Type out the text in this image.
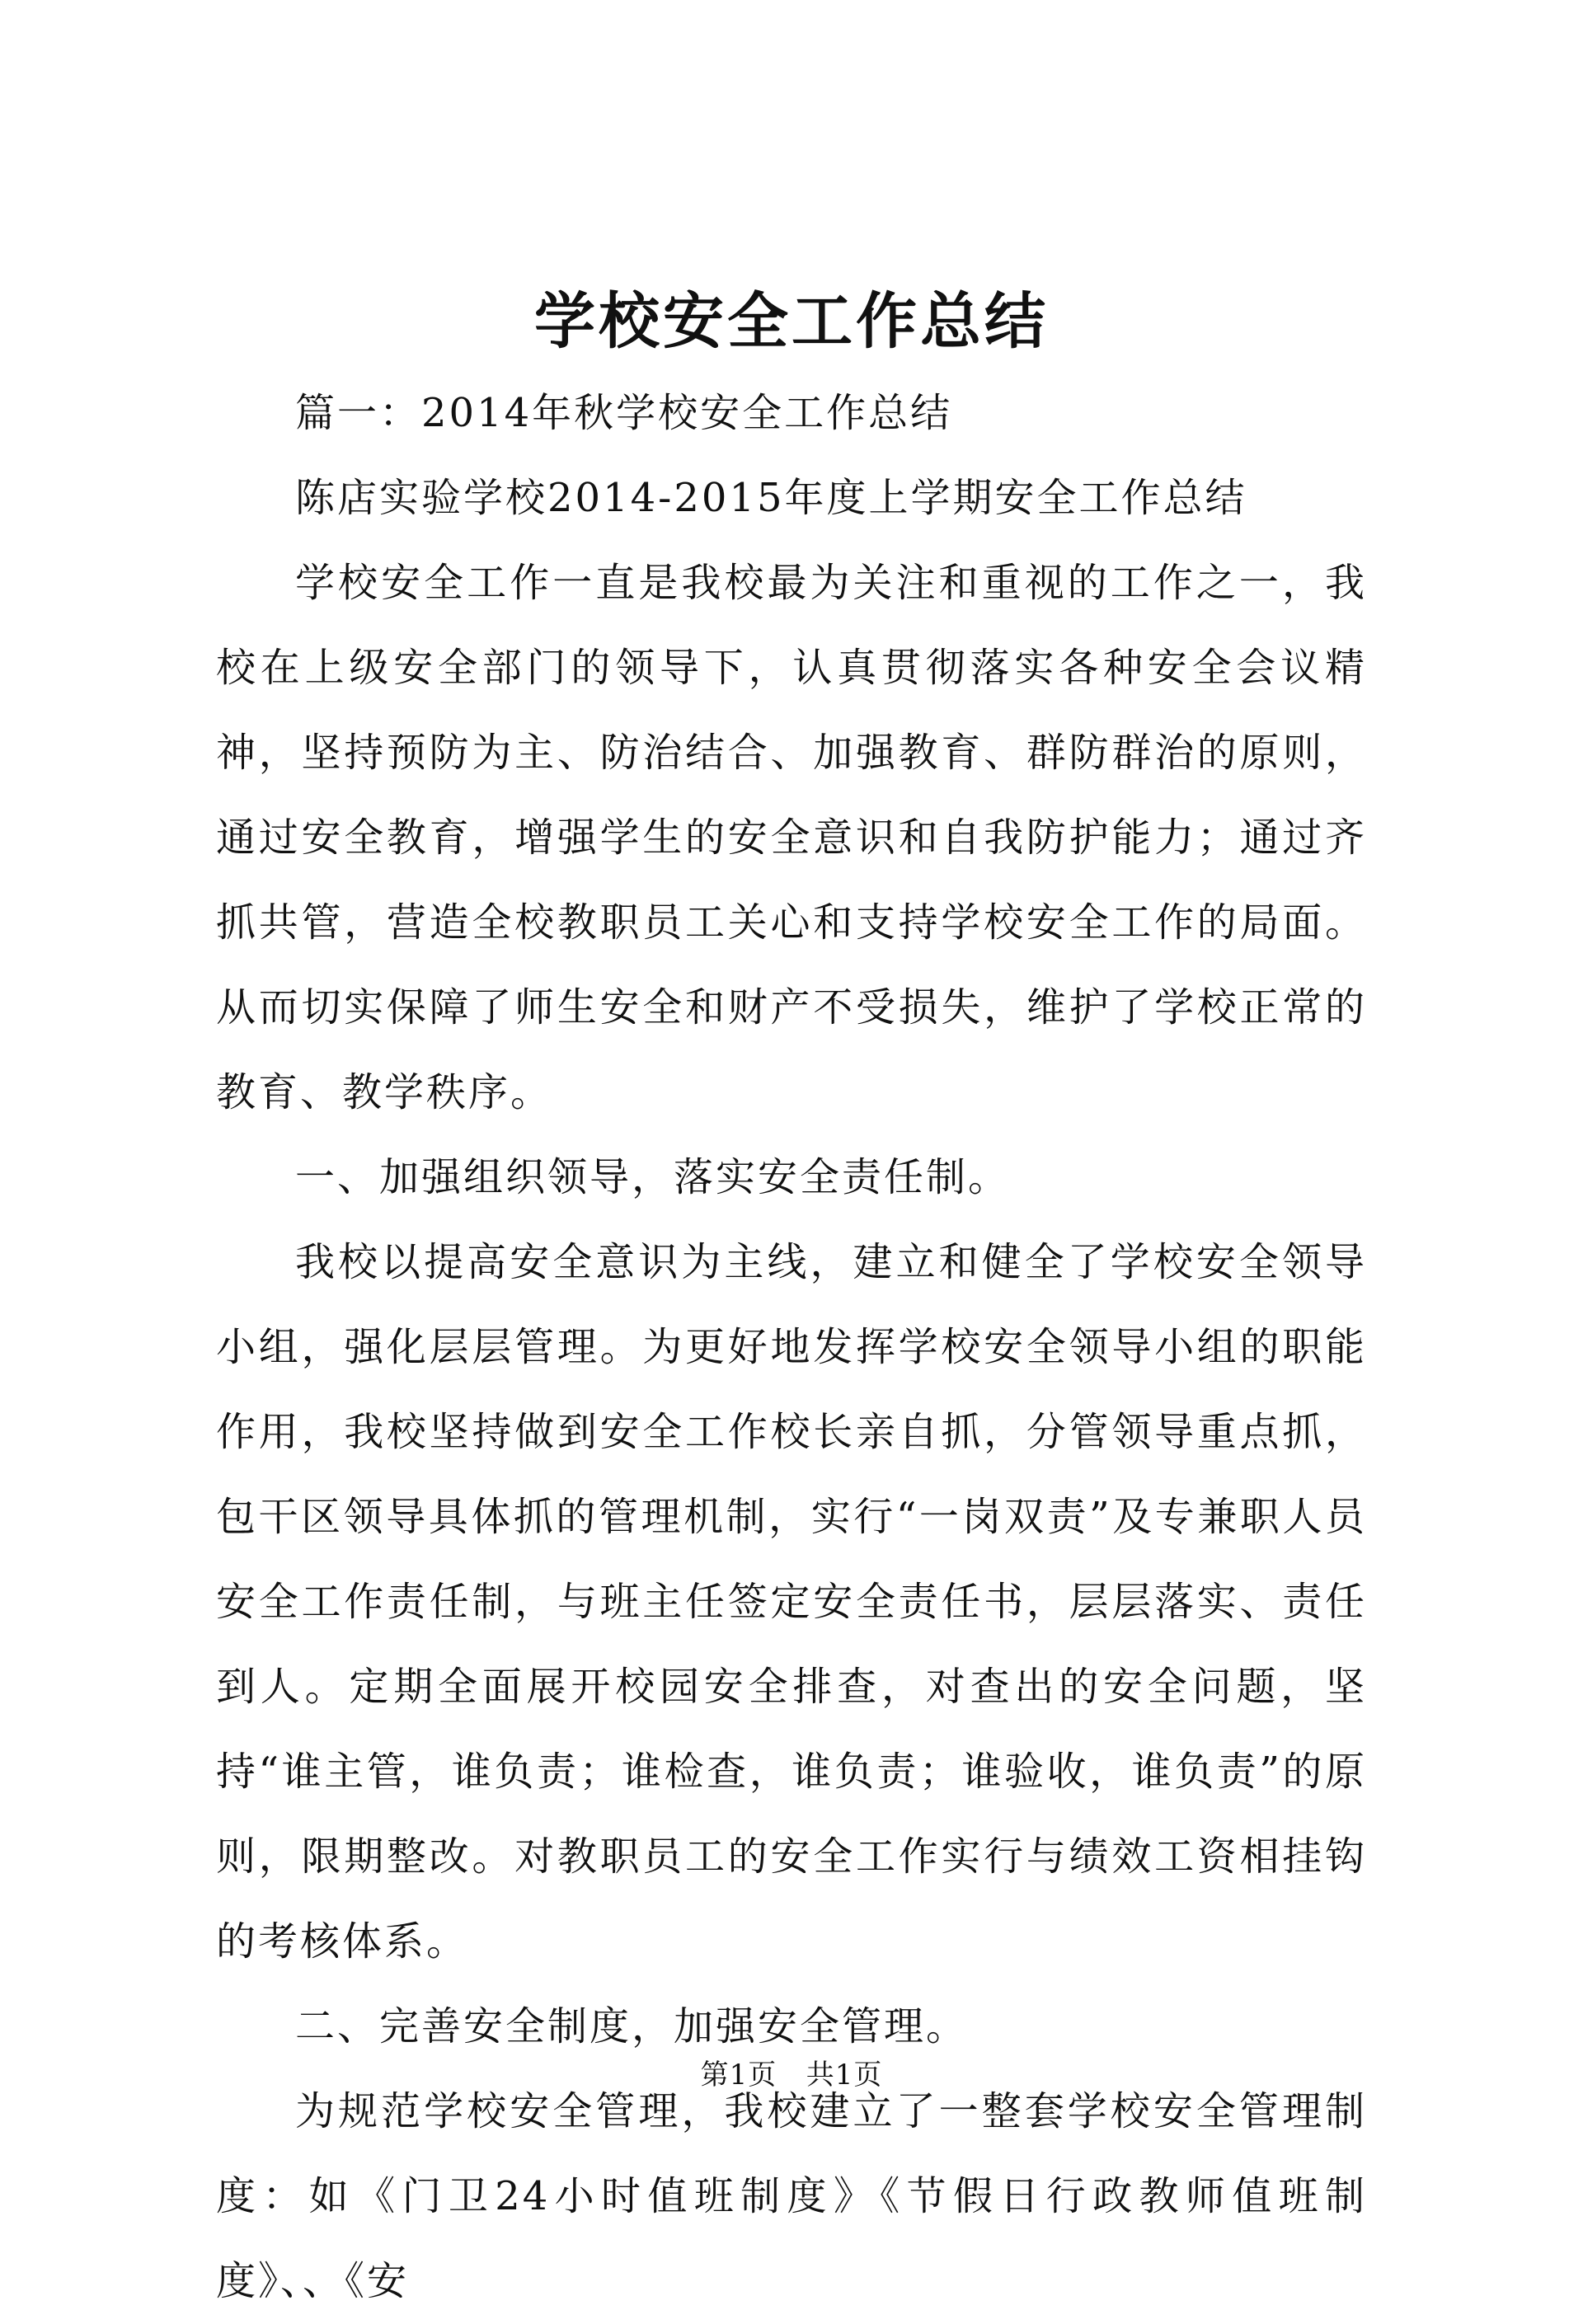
学校安全工作总结

篇一：2014年秋学校安全工作总结

陈店实验学校2014-2015年度上学期安全工作总结

学校安全工作一直是我校最为关注和重视的工作之一，我校在上级安全部门的领导下，认真贯彻落实各种安全会议精神，坚持预防为主、防治结合、加强教育、群防群治的原则，通过安全教育，增强学生的安全意识和自我防护能力；通过齐抓共管，营造全校教职员工关心和支持学校安全工作的局面。从而切实保障了师生安全和财产不受损失，维护了学校正常的教育、教学秩序。

一、加强组织领导，落实安全责任制。

我校以提高安全意识为主线，建立和健全了学校安全领导小组，强化层层管理。为更好地发挥学校安全领导小组的职能作用，我校坚持做到安全工作校长亲自抓，分管领导重点抓，包干区领导具体抓的管理机制，实行“一岗双责”及专兼职人员安全工作责任制，与班主任签定安全责任书，层层落实、责任到人。定期全面展开校园安全排查，对查出的安全问题，坚持“谁主管，谁负责；谁检查，谁负责；谁验收，谁负责”的原则，限期整改。对教职员工的安全工作实行与绩效工资相挂钩的考核体系。

二、完善安全制度，加强安全管理。

为规范学校安全管理，我校建立了一整套学校安全管理制度：如《门卫24小时值班制度》《节假日行政教师值班制度》、、《安

第1页 共1页
